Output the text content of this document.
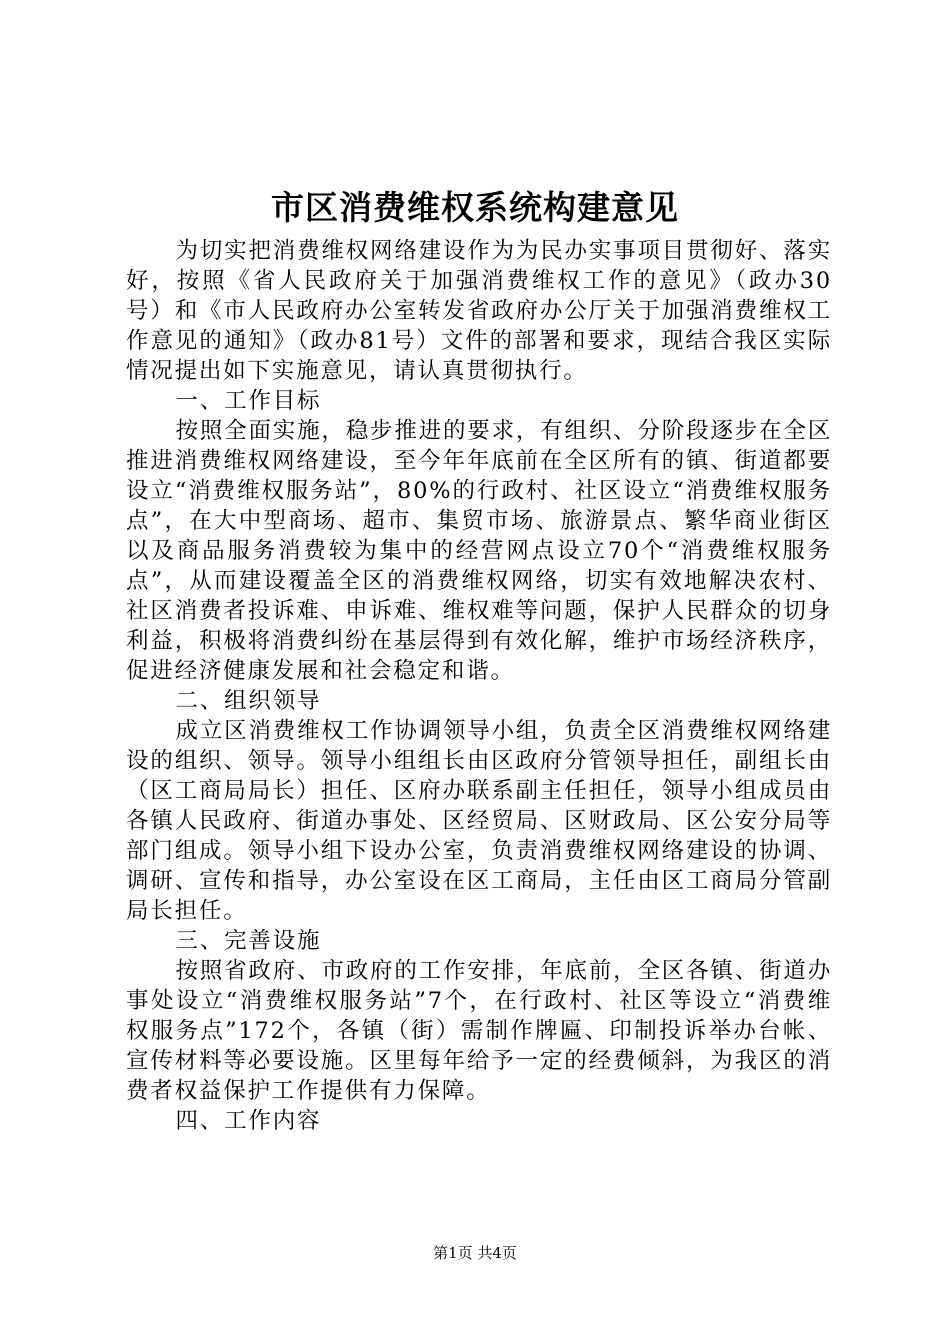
市区消费维权系统构建意见

为切实把消费维权网络建设作为为民办实事项目贯彻好、落实好，按照《省人民政府关于加强消费维权工作的意见》（政办30号）和《市人民政府办公室转发省政府办公厅关于加强消费维权工作意见的通知》（政办81号）文件的部署和要求，现结合我区实际情况提出如下实施意见，请认真贯彻执行。

一、工作目标

按照全面实施，稳步推进的要求，有组织、分阶段逐步在全区推进消费维权网络建设，至今年年底前在全区所有的镇、街道都要设立“消费维权服务站”，80%的行政村、社区设立“消费维权服务点”，在大中型商场、超市、集贸市场、旅游景点、繁华商业街区以及商品服务消费较为集中的经营网点设立70个“消费维权服务点”，从而建设覆盖全区的消费维权网络，切实有效地解决农村、社区消费者投诉难、申诉难、维权难等问题，保护人民群众的切身利益，积极将消费纠纷在基层得到有效化解，维护市场经济秩序，促进经济健康发展和社会稳定和谐。

二、组织领导

成立区消费维权工作协调领导小组，负责全区消费维权网络建设的组织、领导。领导小组组长由区政府分管领导担任，副组长由（区工商局局长）担任、区府办联系副主任担任，领导小组成员由各镇人民政府、街道办事处、区经贸局、区财政局、区公安分局等部门组成。领导小组下设办公室，负责消费维权网络建设的协调、调研、宣传和指导，办公室设在区工商局，主任由区工商局分管副局长担任。

三、完善设施

按照省政府、市政府的工作安排，年底前，全区各镇、街道办事处设立“消费维权服务站”7个，在行政村、社区等设立“消费维权服务点”172个，各镇（街）需制作牌匾、印制投诉举办台帐、宣传材料等必要设施。区里每年给予一定的经费倾斜，为我区的消费者权益保护工作提供有力保障。

四、工作内容

第1页 共4页
